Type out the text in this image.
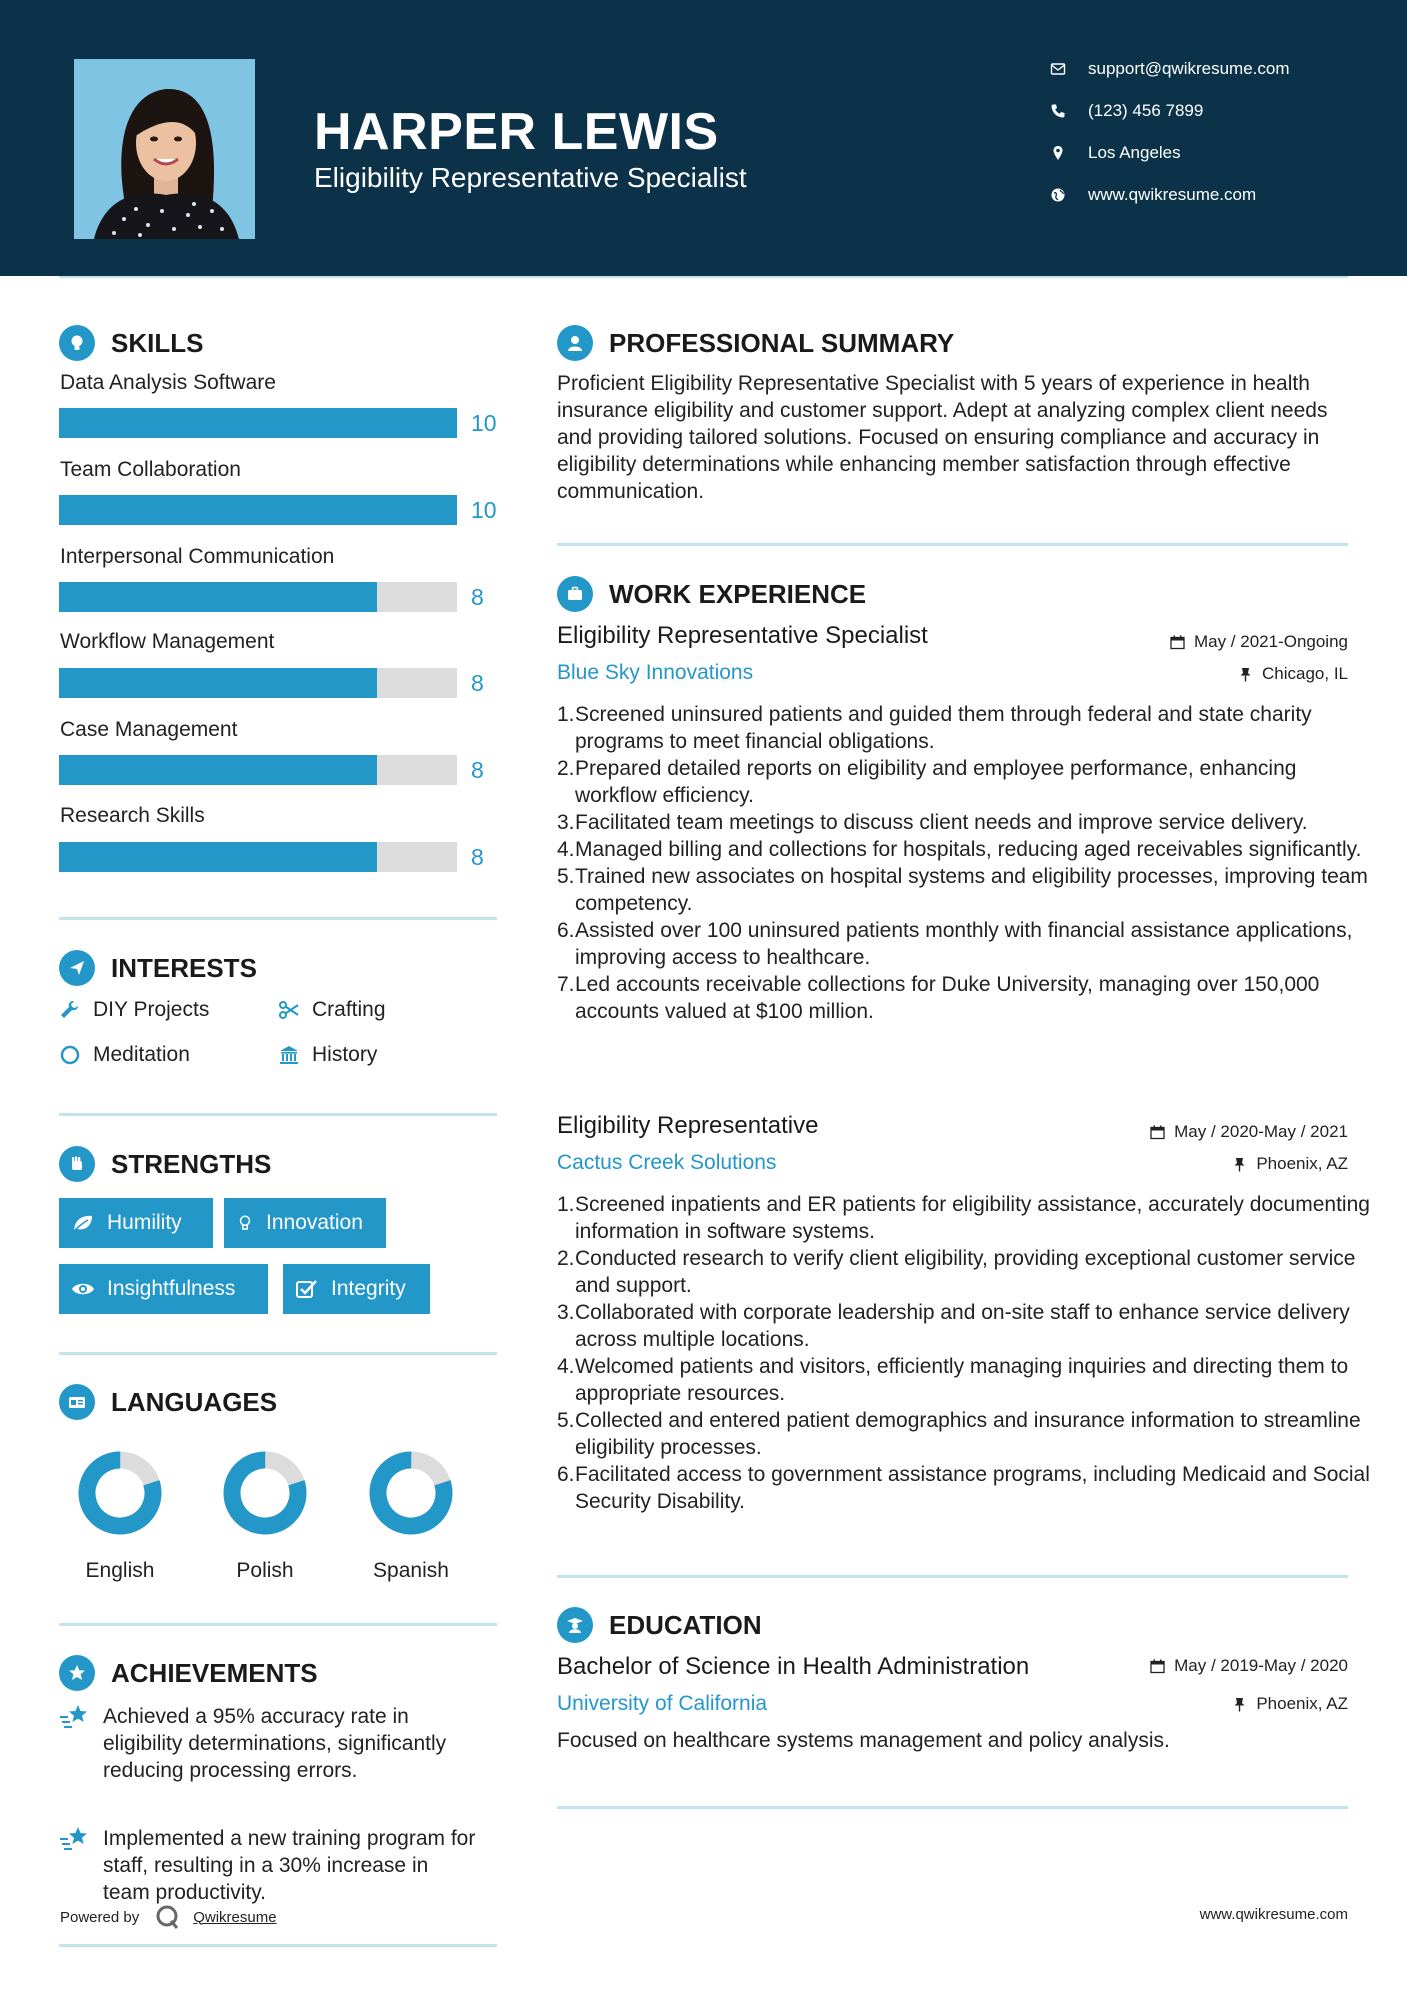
HARPER LEWIS
Eligibility Representative Specialist
support@qwikresume.com
(123) 456 7899
Los Angeles
www.qwikresume.com
SKILLS
Data Analysis Software
10
Team Collaboration
10
Interpersonal Communication
8
Workflow Management
8
Case Management
8
Research Skills
8
INTERESTS
DIY Projects	Crafting
Meditation	History
STRENGTHS
Humility	Innovation
Insightfulness	Integrity
LANGUAGES
English	Polish	Spanish
ACHIEVEMENTS
Achieved a 95% accuracy rate in eligibility determinations, significantly reducing processing errors.
Implemented a new training program for staff, resulting in a 30% increase in team productivity.
PROFESSIONAL SUMMARY
Proficient Eligibility Representative Specialist with 5 years of experience in health insurance eligibility and customer support. Adept at analyzing complex client needs and providing tailored solutions. Focused on ensuring compliance and accuracy in eligibility determinations while enhancing member satisfaction through effective communication.
WORK EXPERIENCE
Eligibility Representative Specialist	May / 2021-Ongoing
Blue Sky Innovations	Chicago, IL
1. Screened uninsured patients and guided them through federal and state charity programs to meet financial obligations.
2. Prepared detailed reports on eligibility and employee performance, enhancing workflow efficiency.
3. Facilitated team meetings to discuss client needs and improve service delivery.
4. Managed billing and collections for hospitals, reducing aged receivables significantly.
5. Trained new associates on hospital systems and eligibility processes, improving team competency.
6. Assisted over 100 uninsured patients monthly with financial assistance applications, improving access to healthcare.
7. Led accounts receivable collections for Duke University, managing over 150,000 accounts valued at $100 million.
Eligibility Representative	May / 2020-May / 2021
Cactus Creek Solutions	Phoenix, AZ
1. Screened inpatients and ER patients for eligibility assistance, accurately documenting information in software systems.
2. Conducted research to verify client eligibility, providing exceptional customer service and support.
3. Collaborated with corporate leadership and on-site staff to enhance service delivery across multiple locations.
4. Welcomed patients and visitors, efficiently managing inquiries and directing them to appropriate resources.
5. Collected and entered patient demographics and insurance information to streamline eligibility processes.
6. Facilitated access to government assistance programs, including Medicaid and Social Security Disability.
EDUCATION
Bachelor of Science in Health Administration	May / 2019-May / 2020
University of California	Phoenix, AZ
Focused on healthcare systems management and policy analysis.
Powered by	Qwikresume	www.qwikresume.com
